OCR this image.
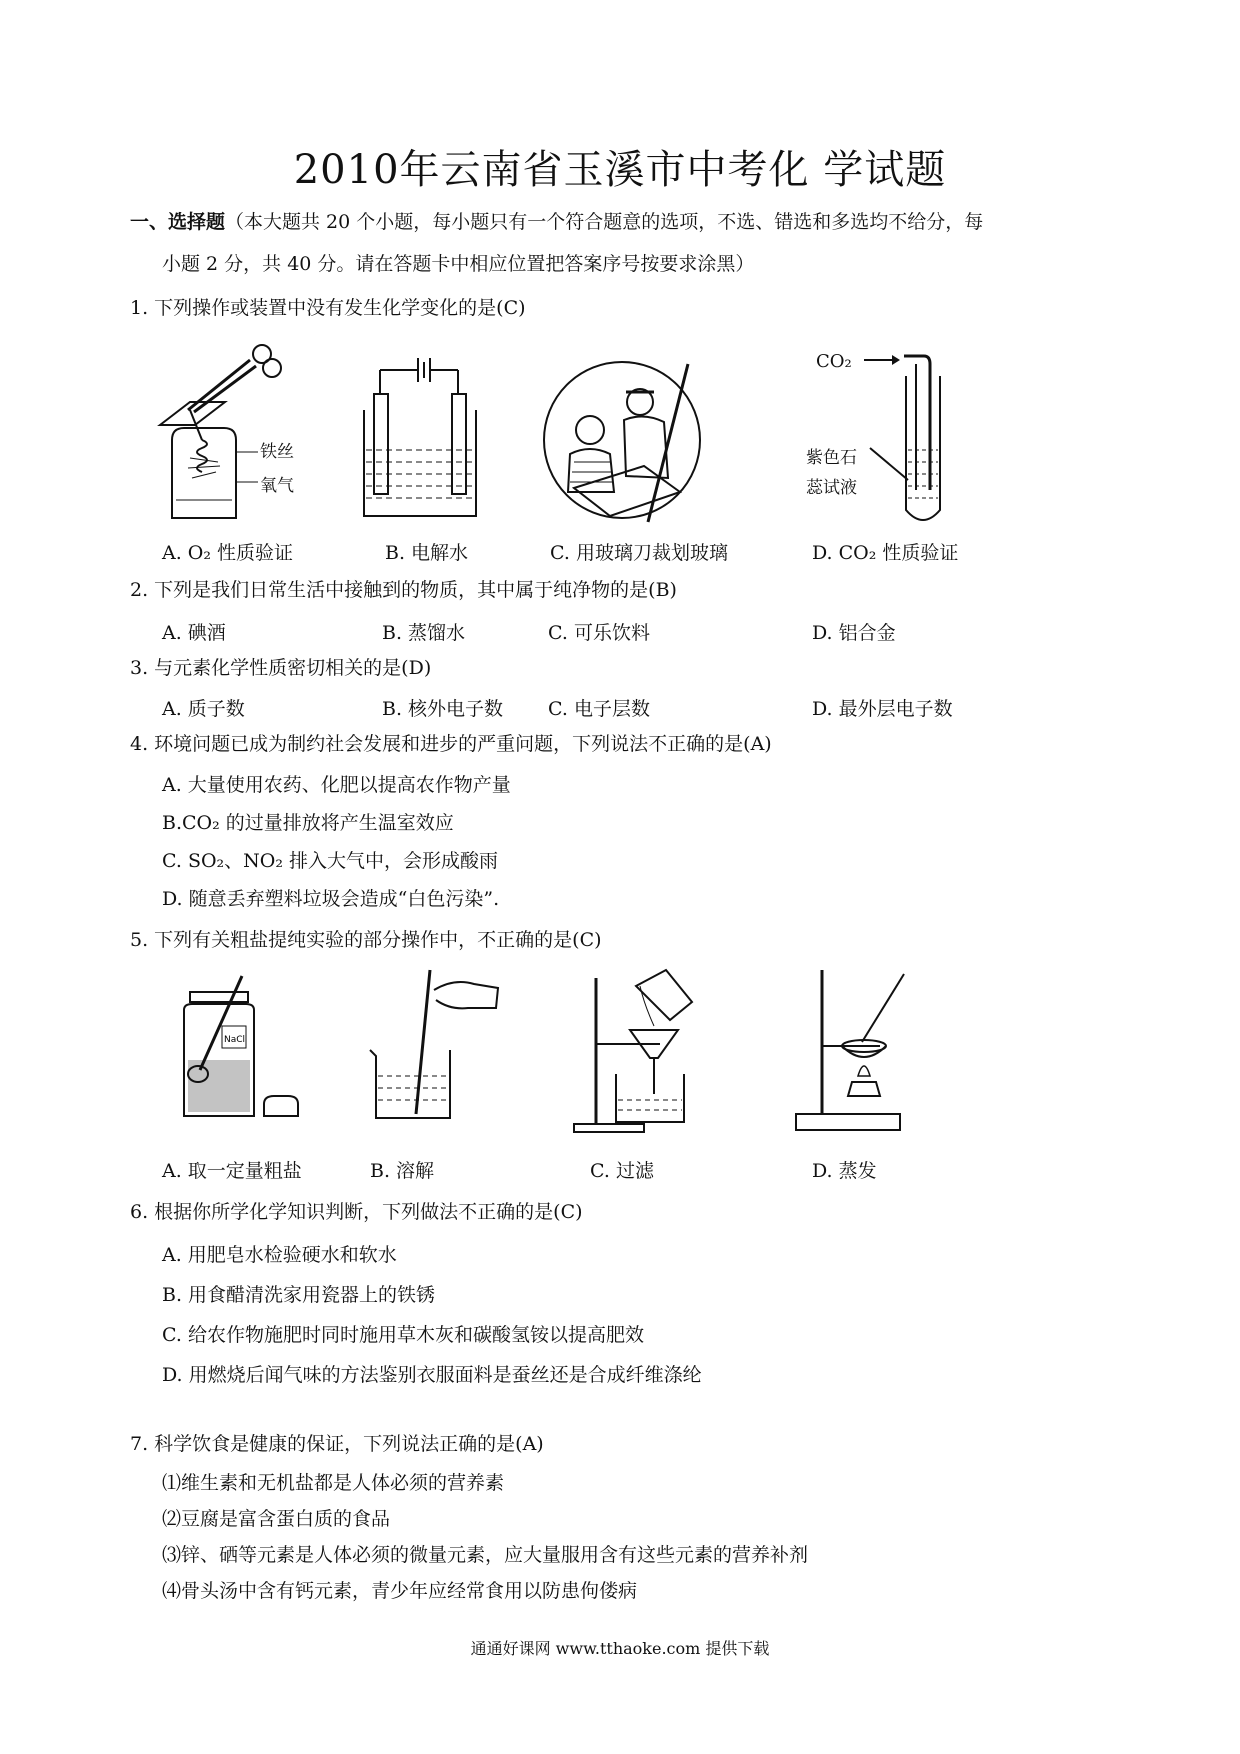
2010年云南省玉溪市中考化 学试题
一、选择题（本大题共 20 个小题，每小题只有一个符合题意的选项，不选、错选和多选均不给分，每
小题 2 分，共 40 分。请在答题卡中相应位置把答案序号按要求涂黑）
1. 下列操作或装置中没有发生化学变化的是(C)
铁丝
氧气
CO₂
紫色石
蕊试液
A. O₂ 性质验证	B. 电解水	C. 用玻璃刀裁划玻璃	D. CO₂ 性质验证
2. 下列是我们日常生活中接触到的物质，其中属于纯净物的是(B)
A. 碘酒	B. 蒸馏水	C. 可乐饮料	D. 铝合金
3. 与元素化学性质密切相关的是(D)
A. 质子数	B. 核外电子数 C. 电子层数	D. 最外层电子数
4. 环境问题已成为制约社会发展和进步的严重问题，下列说法不正确的是(A)
A. 大量使用农药、化肥以提高农作物产量
B.CO₂ 的过量排放将产生温室效应
C. SO₂、NO₂ 排入大气中，会形成酸雨
D. 随意丢弃塑料垃圾会造成“白色污染”.
5. 下列有关粗盐提纯实验的部分操作中，不正确的是(C)
NaCl
A. 取一定量粗盐	B. 溶解	C. 过滤	D. 蒸发
6. 根据你所学化学知识判断，下列做法不正确的是(C)
A. 用肥皂水检验硬水和软水
B. 用食醋清洗家用瓷器上的铁锈
C. 给农作物施肥时同时施用草木灰和碳酸氢铵以提高肥效
D. 用燃烧后闻气味的方法鉴别衣服面料是蚕丝还是合成纤维涤纶
7. 科学饮食是健康的保证，下列说法正确的是(A)
⑴维生素和无机盐都是人体必须的营养素
⑵豆腐是富含蛋白质的食品
⑶锌、硒等元素是人体必须的微量元素，应大量服用含有这些元素的营养补剂
⑷骨头汤中含有钙元素，青少年应经常食用以防患佝偻病
通通好课网 www.tthaoke.com 提供下载
